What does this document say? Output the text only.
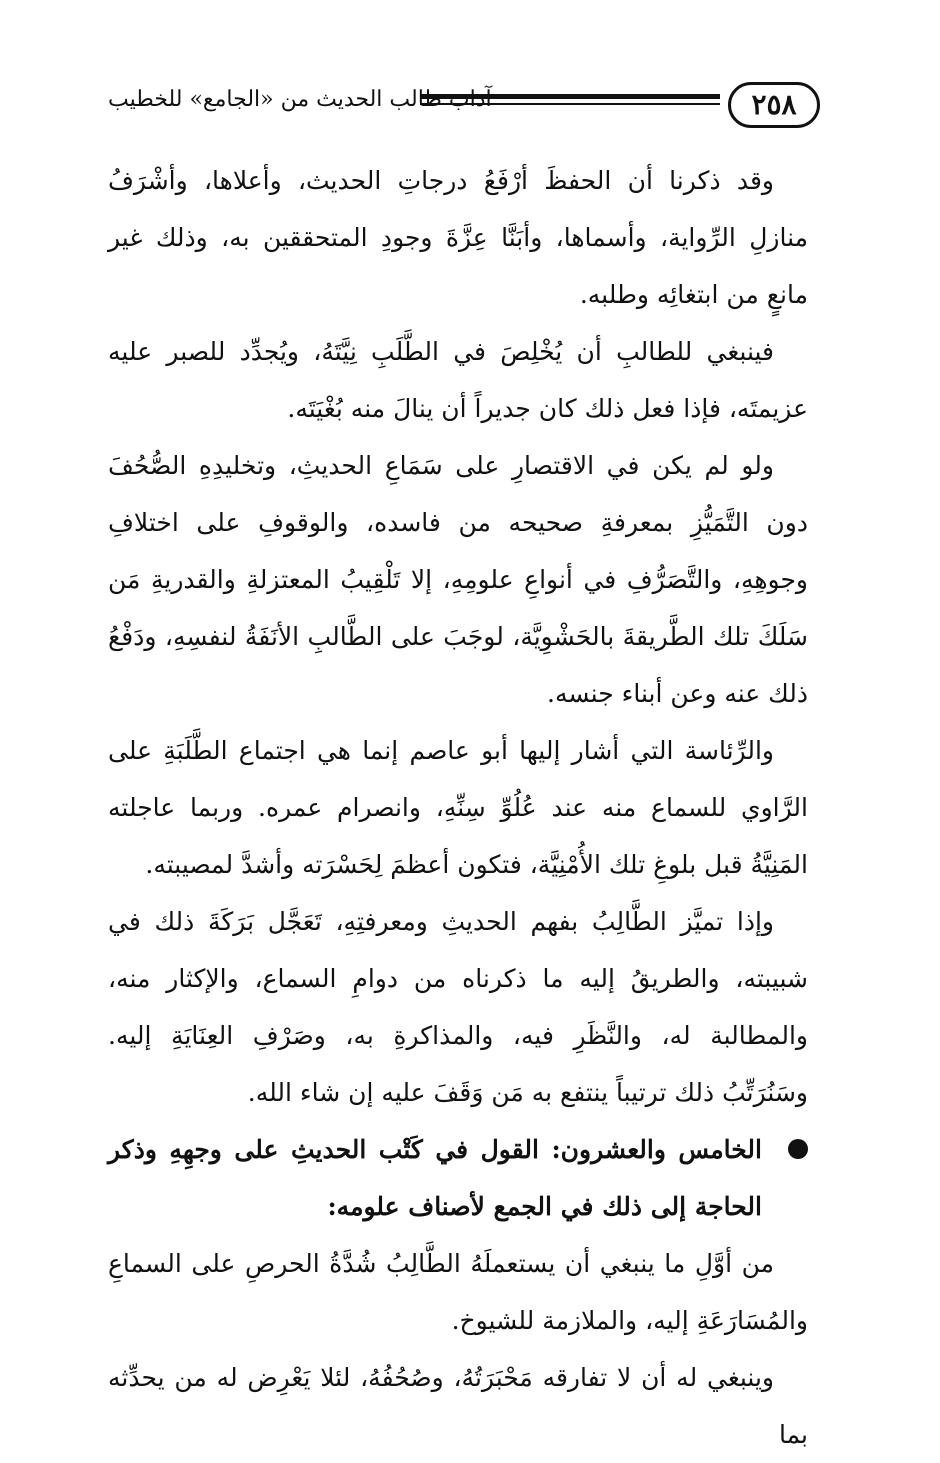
٢٥٨
آداب طالب الحديث من «الجامع» للخطيب

وقد ذكرنا أن الحفظَ أرْفَعُ درجاتِ الحديث، وأعلاها، وأشْرَفُ منازلِ الرِّواية، وأسماها، وأبَنَّا عِزَّةَ وجودِ المتحققين به، وذلك غير مانعٍ من ابتغائِه وطلبه.

فينبغي للطالبِ أن يُخْلِصَ في الطَّلَبِ نِيَّتَهُ، ويُجدِّد للصبر عليه عزيمتَه، فإذا فعل ذلك كان جديراً أن ينالَ منه بُغْيَتَه.

ولو لم يكن في الاقتصارِ على سَمَاعِ الحديثِ، وتخليدِهِ الصُّحُفَ دون التَّمَيُّزِ بمعرفةِ صحيحه من فاسده، والوقوفِ على اختلافِ وجوهِهِ، والتَّصَرُّفِ في أنواعِ علومِهِ، إلا تَلْقِيبُ المعتزلةِ والقدريةِ مَن سَلَكَ تلك الطَّريقةَ بالحَشْوِيَّة، لوجَبَ على الطَّالبِ الأنَفَةُ لنفسِهِ، ودَفْعُ ذلك عنه وعن أبناء جنسه.

والرِّئاسة التي أشار إليها أبو عاصم إنما هي اجتماع الطَّلَبَةِ على الرَّاوي للسماع منه عند عُلُوِّ سِنِّهِ، وانصرام عمره. وربما عاجلته المَنِيَّةُ قبل بلوغِ تلك الأُمْنِيَّة، فتكون أعظمَ لِحَسْرَته وأشدَّ لمصيبته.

وإذا تميَّز الطَّالِبُ بفهم الحديثِ ومعرفتِهِ، تَعَجَّل بَرَكَةَ ذلك في شبيبته، والطريقُ إليه ما ذكرناه من دوامِ السماع، والإكثار منه، والمطالبة له، والنَّظَرِ فيه، والمذاكرةِ به، وصَرْفِ العِنَايَةِ إليه. وسَنُرَتِّبُ ذلك ترتيباً ينتفع به مَن وَقَفَ عليه إن شاء الله.

الخامس والعشرون: القول في كَتْب الحديثِ على وجهِهِ وذكر الحاجة إلى ذلك في الجمع لأصناف علومه:

من أوَّلِ ما ينبغي أن يستعملَهُ الطَّالِبُ شُدَّةُ الحرصِ على السماعِ والمُسَارَعَةِ إليه، والملازمة للشيوخ.

وينبغي له أن لا تفارقه مَحْبَرَتُهُ، وصُحُفُهُ، لئلا يَعْرِض له من يحدِّثه بما
